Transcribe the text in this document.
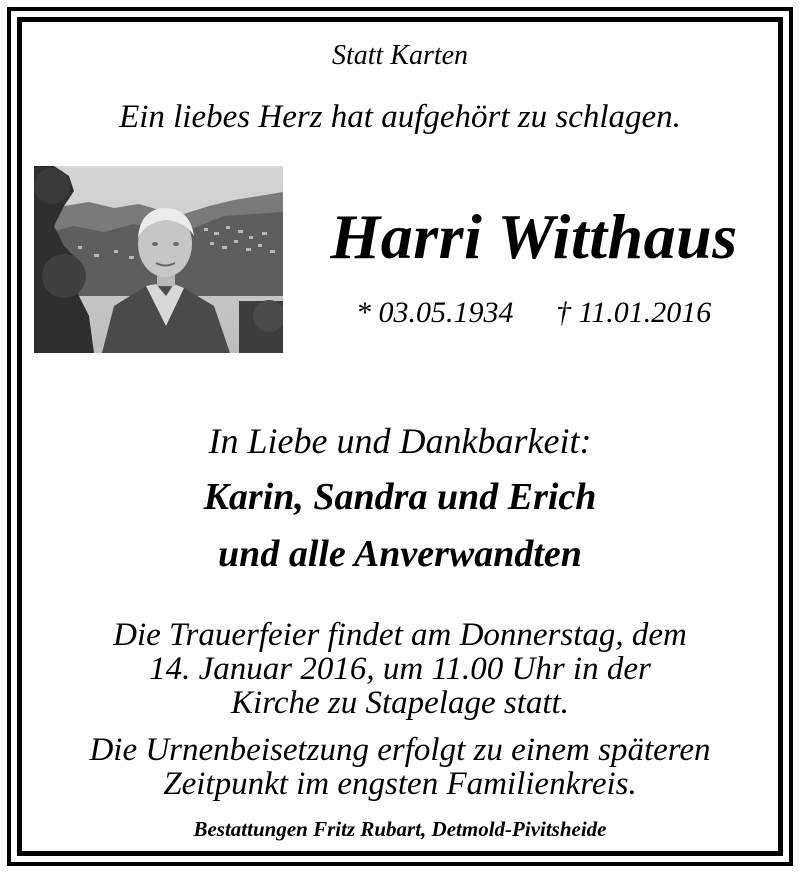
Statt Karten
Ein liebes Herz hat aufgehört zu schlagen.
Harri Witthaus
* 03.05.1934 † 11.01.2016
In Liebe und Dankbarkeit:
Karin, Sandra und Erich
und alle Anverwandten
Die Trauerfeier findet am Donnerstag, dem
14. Januar 2016, um 11.00 Uhr in der
Kirche zu Stapelage statt.
Die Urnenbeisetzung erfolgt zu einem späteren
Zeitpunkt im engsten Familienkreis.
Bestattungen Fritz Rubart, Detmold-Pivitsheide
